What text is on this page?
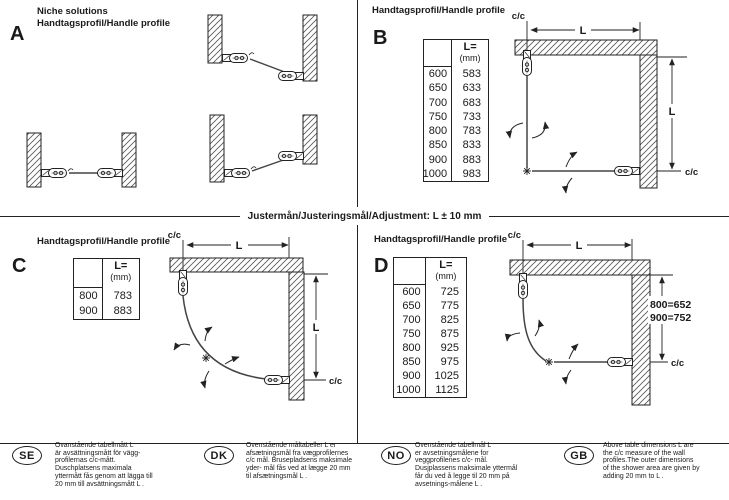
A
Niche solutions
Handtagsprofil/Handle profile
B
Handtagsprofil/Handle profile
L=
(mm)
600	583
650	633
700	683
750	733
800	783
850	833
900	883
1000	983
c/c
L
L
c/c
Justermån/Justeringsmål/Adjustment: L ± 10 mm
C
Handtagsprofil/Handle profile
L=
(mm)
800	783
900	883
c/c
L
L
c/c
D
Handtagsprofil/Handle profile
L=
(mm)
600	725
650	775
700	825
750	875
800	925
850	975
900	1025
1000	1125
c/c
L
800=652
900=752
c/c
SE
Ovanstående tabellmått L
är avsättningsmått för vägg-
profilernas c/c-mått.
Duschplatsens maximala
yttermått fås genom att lägga till
20 mm till avsättningsmått L .
DK
Ovenstående måltabeller L er
afsætningsmål fra vægprofilernes
c/c mål. Brusepladsens maksimale
yder- mål fås ved at lægge 20 mm
til afsætningsmål L .
NO
Ovenstående tabellmål L
er avsetningsmålene for
veggprofilenes c/c- mål.
Dusjplassens maksimale yttermål
får du ved å legge til 20 mm på
avsetnings-målene L .
GB
Above table dimensions L are
the c/c measure of the wall
profiles.The outer dimensions
of the shower area are given by
adding 20 mm to L .
